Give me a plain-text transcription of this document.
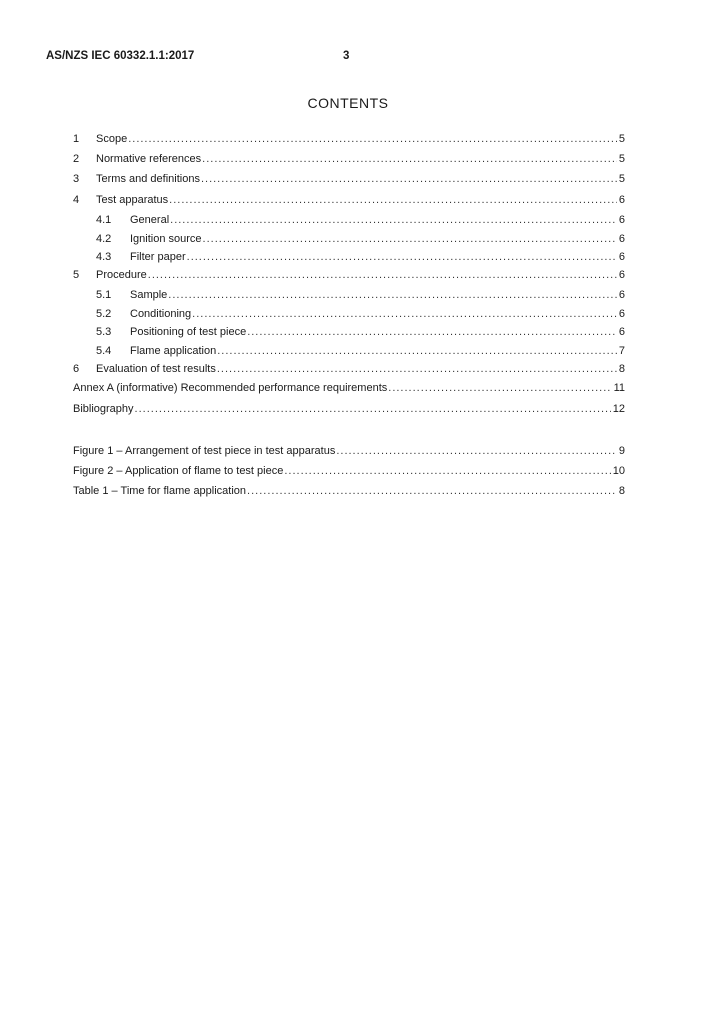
AS/NZS IEC 60332.1.1:2017	3
CONTENTS
1	Scope .....	5
2	Normative references .....	5
3	Terms and definitions .....	5
4	Test apparatus .....	6
4.1	General .....	6
4.2	Ignition source .....	6
4.3	Filter paper .....	6
5	Procedure .....	6
5.1	Sample .....	6
5.2	Conditioning .....	6
5.3	Positioning of test piece .....	6
5.4	Flame application .....	7
6	Evaluation of test results .....	8
Annex A (informative) Recommended performance requirements .....	11
Bibliography .....	12
Figure 1 – Arrangement of test piece in test apparatus .....	9
Figure 2 – Application of flame to test piece .....	10
Table 1 – Time for flame application .....	8
